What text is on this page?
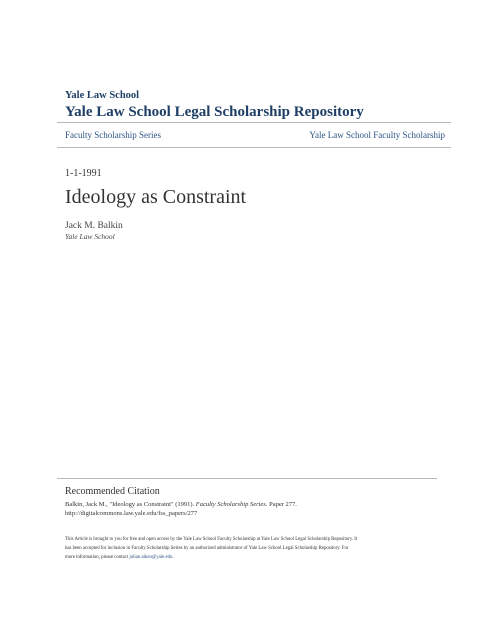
Yale Law School
Yale Law School Legal Scholarship Repository
Faculty Scholarship Series	Yale Law School Faculty Scholarship
1-1-1991
Ideology as Constraint
Jack M. Balkin
Yale Law School
Recommended Citation
Balkin, Jack M., "Ideology as Constraint" (1991). Faculty Scholarship Series. Paper 277.
http://digitalcommons.law.yale.edu/fss_papers/277
This Article is brought to you for free and open access by the Yale Law School Faculty Scholarship at Yale Law School Legal Scholarship Repository. It
has been accepted for inclusion in Faculty Scholarship Series by an authorized administrator of Yale Law School Legal Scholarship Repository. For
more information, please contact julian.aiken@yale.edu.
